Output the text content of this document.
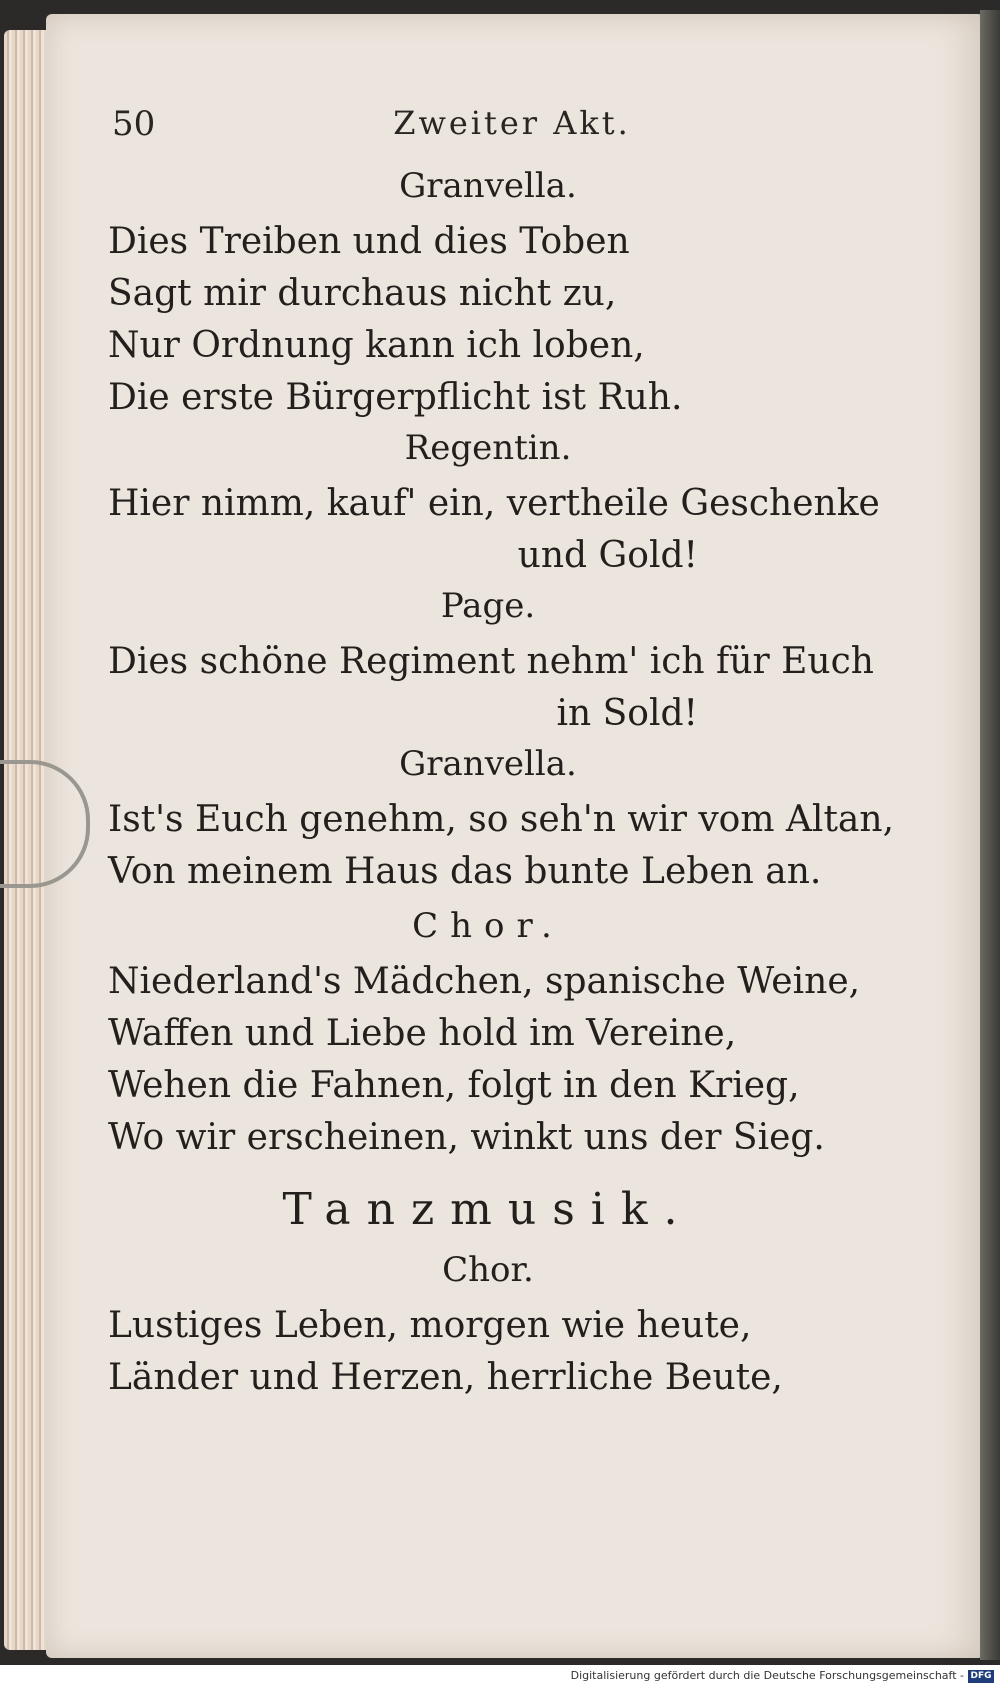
50	Zweiter Akt.
Granvella.
Dies Treiben und dies Toben
Sagt mir durchaus nicht zu,
Nur Ordnung kann ich loben,
Die erste Bürgerpflicht ist Ruh.
Regentin.
Hier nimm, kauf' ein, vertheile Geschenke
und Gold!
Page.
Dies schöne Regiment nehm' ich für Euch
in Sold!
Granvella.
Ist's Euch genehm, so seh'n wir vom Altan,
Von meinem Haus das bunte Leben an.
Chor.
Niederland's Mädchen, spanische Weine,
Waffen und Liebe hold im Vereine,
Wehen die Fahnen, folgt in den Krieg,
Wo wir erscheinen, winkt uns der Sieg.
Tanzmusik.
Chor.
Lustiges Leben, morgen wie heute,
Länder und Herzen, herrliche Beute,
Digitalisierung gefördert durch die Deutsche Forschungsgemeinschaft - DFG
